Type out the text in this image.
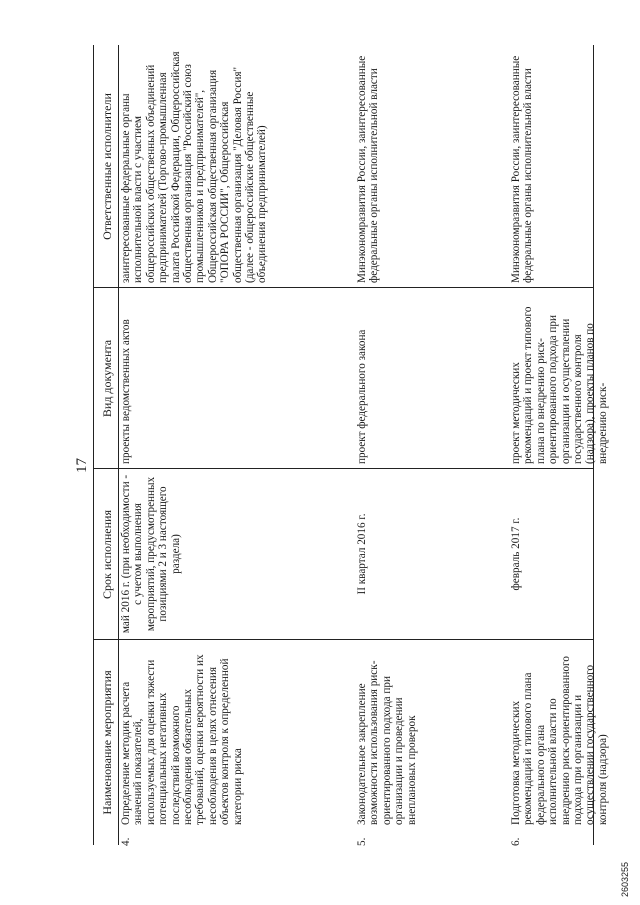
17
Наименование мероприятия
Срок исполнения
Вид документа
Ответственные исполнители
4.
Определение методик расчета значений показателей, используемых для оценки тяжести потенциальных негативных последствий возможного несоблюдения обязательных требований, оценки вероятности их несоблюдения в целях отнесения объектов контроля к определенной категории риска
май 2016 г. (при необходимости - с учетом выполнения мероприятий, предусмотренных позициями 2 и 3 настоящего раздела)
проекты ведомственных актов
заинтересованные федеральные органы исполнительной власти с участием общероссийских общественных объединений предпринимателей (Торгово-промышленная палата Российской Федерации, Общероссийская общественная организация "Российский союз промышленников и предпринимателей", Общероссийская общественная организация "ОПОРА РОССИИ", Общероссийская общественная организация "Деловая Россия" (далее - общероссийские общественные объединения предпринимателей)
5.
Законодательное закрепление возможности использования риск-ориентированного подхода при организации и проведении внеплановых проверок
II квартал 2016 г.
проект федерального закона
Минэкономразвития России, заинтересованные федеральные органы исполнительной власти
6.
Подготовка методических рекомендаций и типового плана федерального органа исполнительной власти по внедрению риск-ориентированного подхода при организации и осуществлении государственного контроля (надзора)
февраль 2017 г.
проект методических рекомендаций и проект типового плана по внедрению риск-ориентированного подхода при организации и осуществлении государственного контроля (надзора), проекты планов по внедрению риск-
Минэкономразвития России, заинтересованные федеральные органы исполнительной власти
2603255
